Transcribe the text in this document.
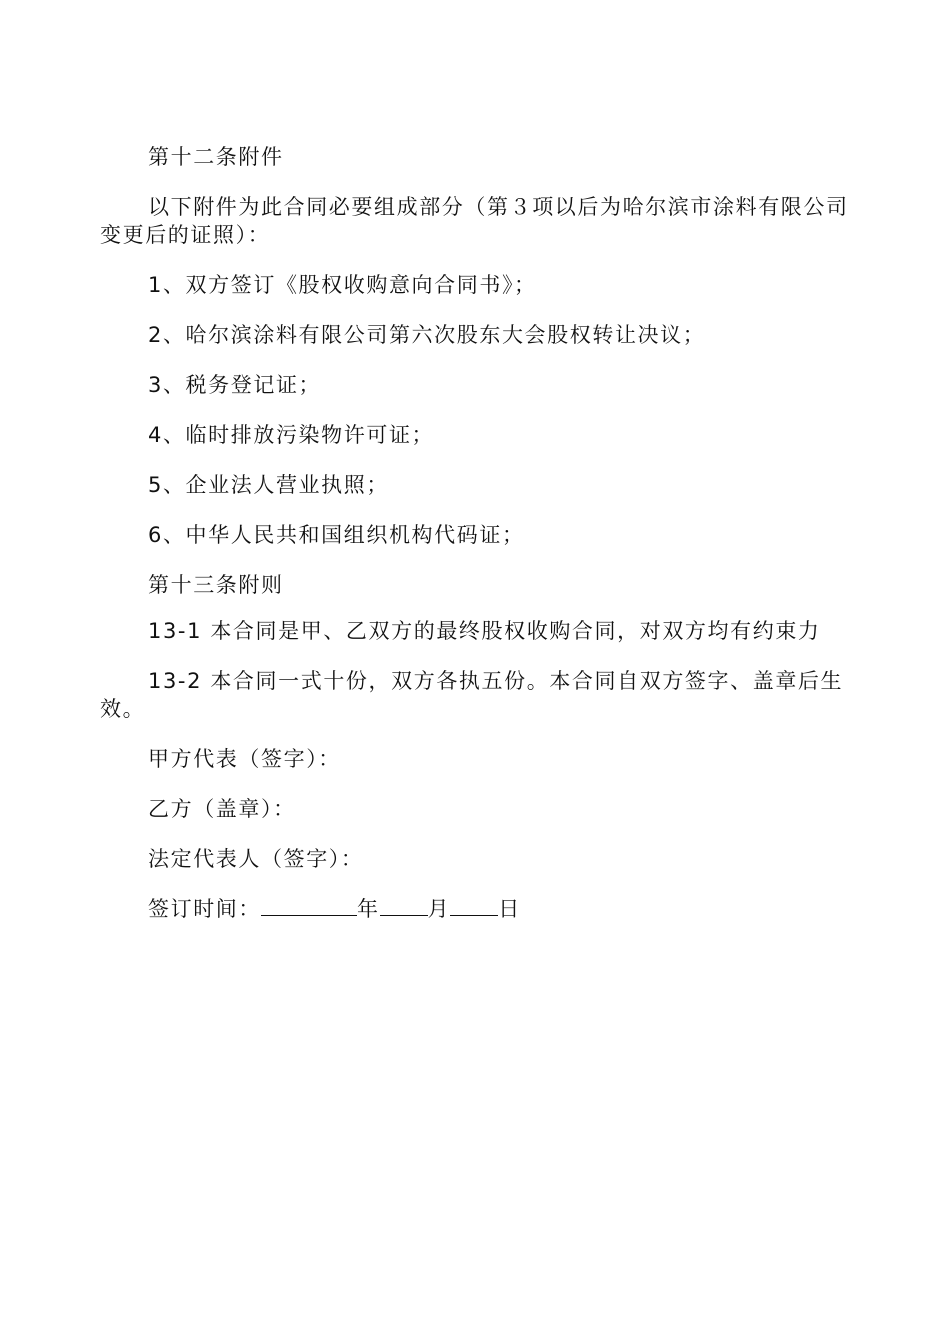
第十二条附件

以下附件为此合同必要组成部分（第３项以后为哈尔滨市涂料有限公司变更后的证照）：

1、双方签订《股权收购意向合同书》；

2、哈尔滨涂料有限公司第六次股东大会股权转让决议；

3、税务登记证；

4、临时排放污染物许可证；

5、企业法人营业执照；

6、中华人民共和国组织机构代码证；

第十三条附则

13-1 本合同是甲、乙双方的最终股权收购合同，对双方均有约束力

13-2 本合同一式十份，双方各执五份。本合同自双方签字、盖章后生效。

甲方代表（签字）：

乙方（盖章）：

法定代表人（签字）：

签订时间：	年 月 日
